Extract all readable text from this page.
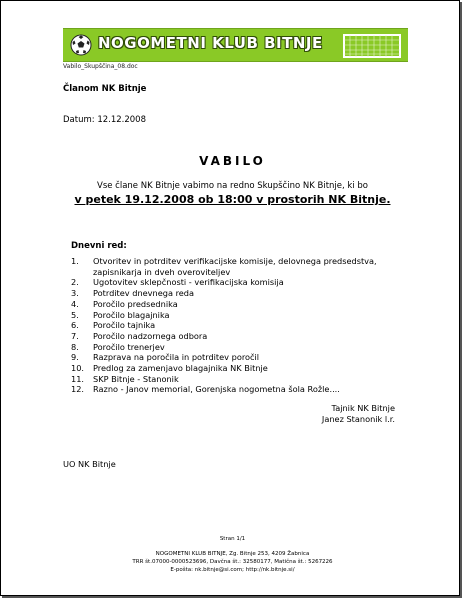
NOGOMETNI KLUB BITNJE
Vabilo_Skupščina_08.doc
Članom NK Bitnje
Datum: 12.12.2008
VABILO
Vse člane NK Bitnje vabimo na redno Skupščino NK Bitnje, ki bo
v petek 19.12.2008 ob 18:00 v prostorih NK Bitnje.
Dnevni red:
1.	Otvoritev in potrditev verifikacijske komisije, delovnega predsedstva, zapisnikarja in dveh overoviteljev
2.	Ugotovitev sklepčnosti - verifikacijska komisija
3.	Potrditev dnevnega reda
4.	Poročilo predsednika
5.	Poročilo blagajnika
6.	Poročilo tajnika
7.	Poročilo nadzornega odbora
8.	Poročilo trenerjev
9.	Razprava na poročila in potrditev poročil
10.	Predlog za zamenjavo blagajnika NK Bitnje
11.	SKP Bitnje - Stanonik
12.	Razno - Janov memorial, Gorenjska nogometna šola Rožle....
Tajnik NK Bitnje
Janez Stanonik l.r.
UO NK Bitnje
Stran 1/1
NOGOMETNI KLUB BITNJE, Zg. Bitnje 253, 4209 Žabnica
TRR št.07000-0000523696, Davčna št.: 32580177, Matična št.: 5267226
E-pošta: nk.bitnje@si.com; http://nk.bitnje.si/
